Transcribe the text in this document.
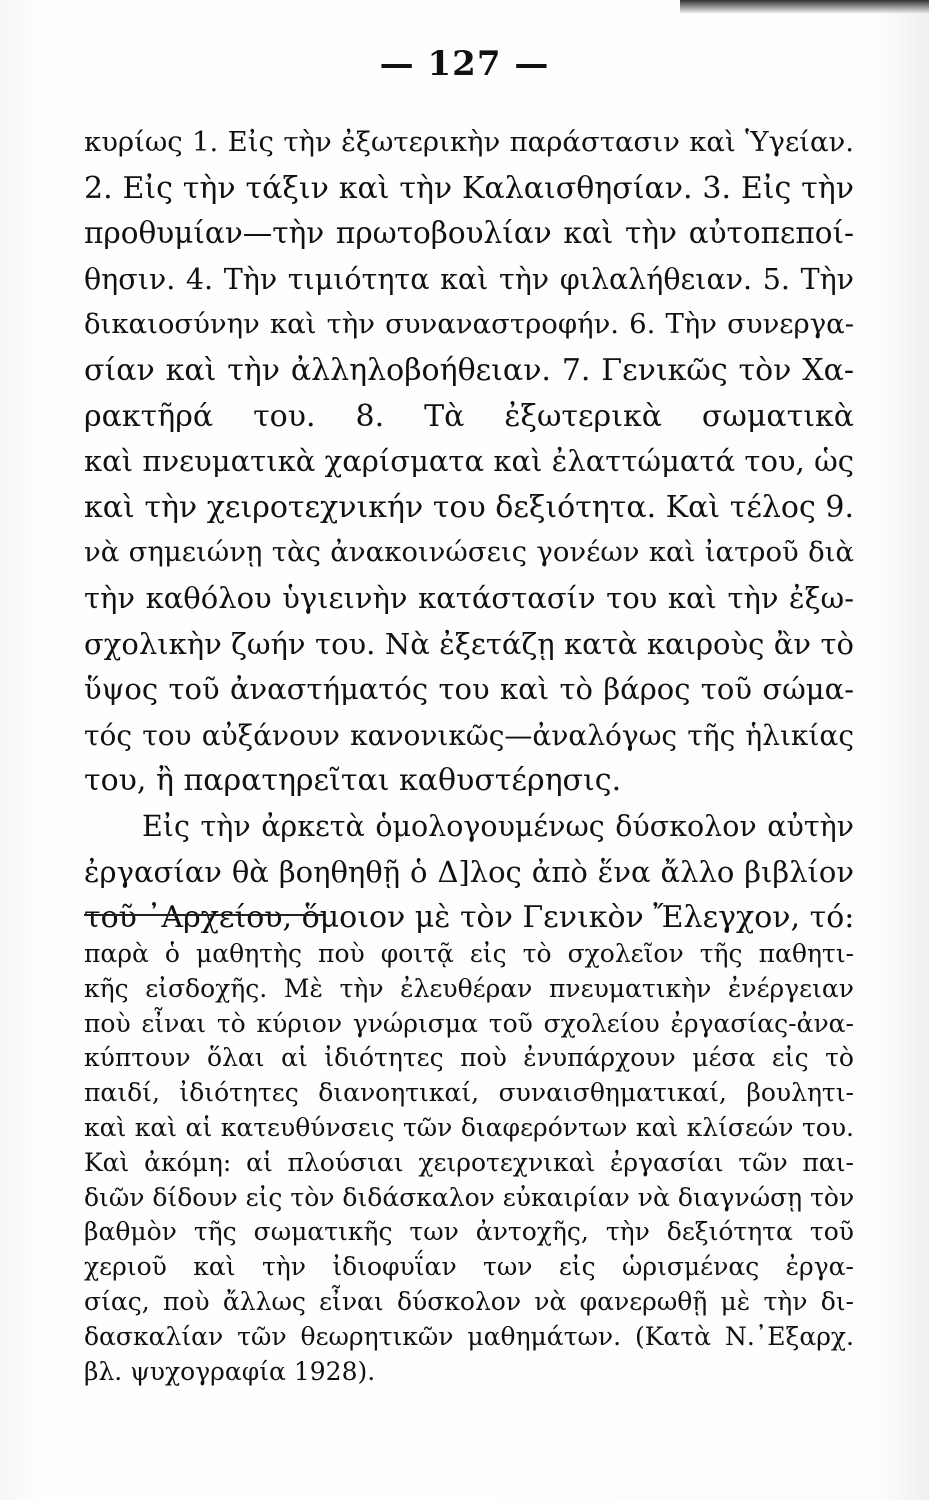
— 127 —
κυρίως 1. Εἰς τὴν ἐξωτερικὴν παράστασιν καὶ Ὑγείαν.
2. Εἰς τὴν τάξιν καὶ τὴν Καλαισθησίαν. 3. Εἰς τὴν
προθυμίαν—τὴν πρωτοβουλίαν καὶ τὴν αὐτοπεποί-
θησιν. 4. Τὴν τιμιότητα καὶ τὴν φιλαλήθειαν. 5. Τὴν
δικαιοσύνην καὶ τὴν συναναστροφήν. 6. Τὴν συνεργα-
σίαν καὶ τὴν ἀλληλοβοήθειαν. 7. Γενικῶς τὸν Χα-
ρακτῆρά του. 8. Τὰ ἐξωτερικὰ σωματικὰ
καὶ πνευματικὰ χαρίσματα καὶ ἐλαττώματά του, ὡς
καὶ τὴν χειροτεχνικήν του δεξιότητα. Καὶ τέλος 9.
νὰ σημειώνῃ τὰς ἀνακοινώσεις γονέων καὶ ἰατροῦ διὰ
τὴν καθόλου ὑγιεινὴν κατάστασίν του καὶ τὴν ἐξω-
σχολικὴν ζωήν του. Νὰ ἐξετάζῃ κατὰ καιροὺς ἂν τὸ
ὕψος τοῦ ἀναστήματός του καὶ τὸ βάρος τοῦ σώμα-
τός του αὐξάνουν κανονικῶς—ἀναλόγως τῆς ἡλικίας
του, ἢ παρατηρεῖται καθυστέρησις.
Εἰς τὴν ἀρκετὰ ὁμολογουμένως δύσκολον αὐτὴν
ἐργασίαν θὰ βοηθηθῇ ὁ Δ]λος ἀπὸ ἕνα ἄλλο βιβλίον
τοῦ ᾿Αρχείου, ὅμοιον μὲ τὸν Γενικὸν Ἔλεγχον, τό:
παρὰ ὁ μαθητὴς ποὺ φοιτᾷ εἰς τὸ σχολεῖον τῆς παθητι-
κῆς εἰσδοχῆς. Μὲ τὴν ἐλευθέραν πνευματικὴν ἐνέργειαν
ποὺ εἶναι τὸ κύριον γνώρισμα τοῦ σχολείου ἐργασίας-ἀνα-
κύπτουν ὅλαι αἱ ἰδιότητες ποὺ ἐνυπάρχουν μέσα εἰς τὸ
παιδί, ἰδιότητες διανοητικαί, συναισθηματικαί, βουλητι-
καὶ καὶ αἱ κατευθύνσεις τῶν διαφερόντων καὶ κλίσεών του.
Καὶ ἀκόμη: αἱ πλούσιαι χειροτεχνικαὶ ἐργασίαι τῶν παι-
διῶν δίδουν εἰς τὸν διδάσκαλον εὐκαιρίαν νὰ διαγνώσῃ τὸν
βαθμὸν τῆς σωματικῆς των ἀντοχῆς, τὴν δεξιότητα τοῦ
χεριοῦ καὶ τὴν ἰδιοφυΐαν των εἰς ὡρισμένας ἐργα-
σίας, ποὺ ἄλλως εἶναι δύσκολον νὰ φανερωθῇ μὲ τὴν δι-
δασκαλίαν τῶν θεωρητικῶν μαθημάτων. (Κατὰ Ν.᾿Εξαρχ.
βλ. ψυχογραφία 1928).
